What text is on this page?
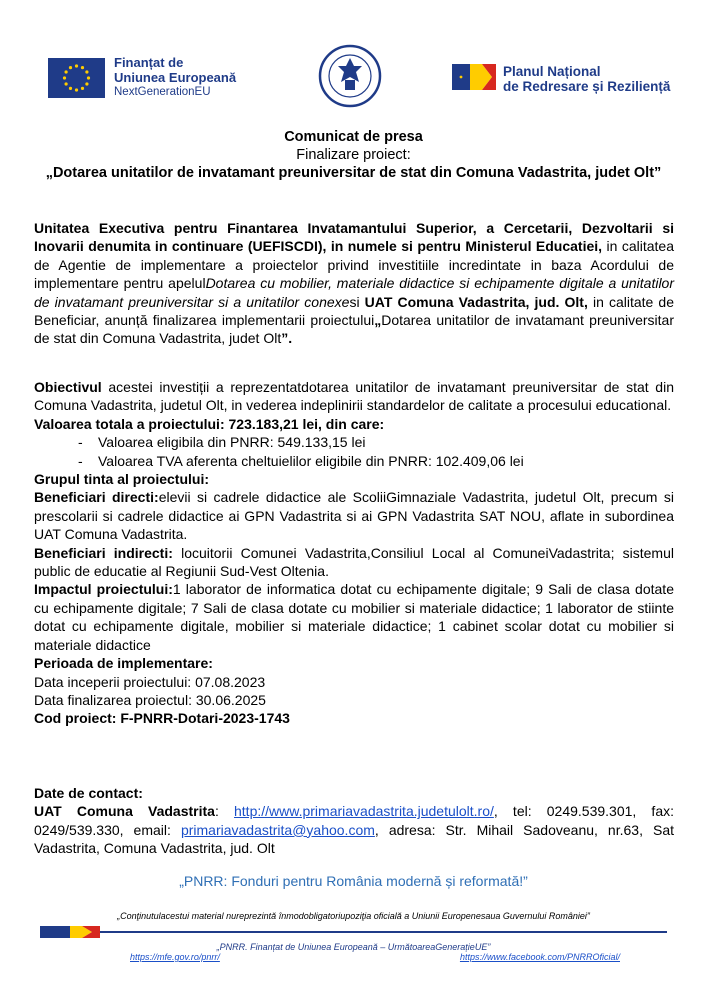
Finanțat de
Uniunea Europeană
NextGenerationEU
Planul Național
de Redresare și Reziliență
Comunicat de presa
Finalizare proiect:
„Dotarea unitatilor de invatamant preuniversitar de stat din Comuna Vadastrita, judet Olt”
Unitatea Executiva pentru Finantarea Invatamantului Superior, a Cercetarii, Dezvoltarii si Inovarii denumita in continuare (UEFISCDI), in numele si pentru Ministerul Educatiei, in calitatea de Agentie de implementare a proiectelor privind investitiile incredintate in baza Acordului de implementare pentru apelulDotarea cu mobilier, materiale didactice si echipamente digitale a unitatilor de invatamant preuniversitar si a unitatilor conexesi UAT Comuna Vadastrita, jud. Olt, in calitate de Beneficiar, anunță finalizarea implementarii proiectului„Dotarea unitatilor de invatamant preuniversitar de stat din Comuna Vadastrita, judet Olt”.
Obiectivul acestei investiții a reprezentatdotarea unitatilor de invatamant preuniversitar de stat din Comuna Vadastrita, judetul Olt, in vederea indeplinirii standardelor de calitate a procesului educational.
Valoarea totala a proiectului: 723.183,21 lei, din care:
- Valoarea eligibila din PNRR: 549.133,15 lei
- Valoarea TVA aferenta cheltuielilor eligibile din PNRR: 102.409,06 lei
Grupul tinta al proiectului:
Beneficiari directi:elevii si cadrele didactice ale ScoliiGimnaziale Vadastrita, judetul Olt, precum si prescolarii si cadrele didactice ai GPN Vadastrita si ai GPN Vadastrita SAT NOU, aflate in subordinea UAT Comuna Vadastrita.
Beneficiari indirecti: locuitorii Comunei Vadastrita,Consiliul Local al ComuneiVadastrita; sistemul public de educatie al Regiunii Sud-Vest Oltenia.
Impactul proiectului:1 laborator de informatica dotat cu echipamente digitale; 9 Sali de clasa dotate cu echipamente digitale; 7 Sali de clasa dotate cu mobilier si materiale didactice; 1 laborator de stiinte dotat cu echipamente digitale, mobilier si materiale didactice; 1 cabinet scolar dotat cu mobilier si materiale didactice
Perioada de implementare:
Data inceperii proiectului: 07.08.2023
Data finalizarea proiectul: 30.06.2025
Cod proiect: F-PNRR-Dotari-2023-1743
Date de contact:
UAT Comuna Vadastrita: http://www.primariavadastrita.judetulolt.ro/, tel: 0249.539.301, fax: 0249/539.330, email: primariavadastrita@yahoo.com, adresa: Str. Mihail Sadoveanu, nr.63, Sat Vadastrita, Comuna Vadastrita, jud. Olt
„PNRR: Fonduri pentru România modernă și reformată!”
„Conţinutulacestui material nureprezintă înmodobligatoriupoziţia oficială a Uniunii Europenesaua Guvernului României”
„PNRR. Finanțat de Uniunea Europeană – UrmătoareaGenerațieUE”
https://mfe.gov.ro/pnrr/	https://www.facebook.com/PNRROficial/
